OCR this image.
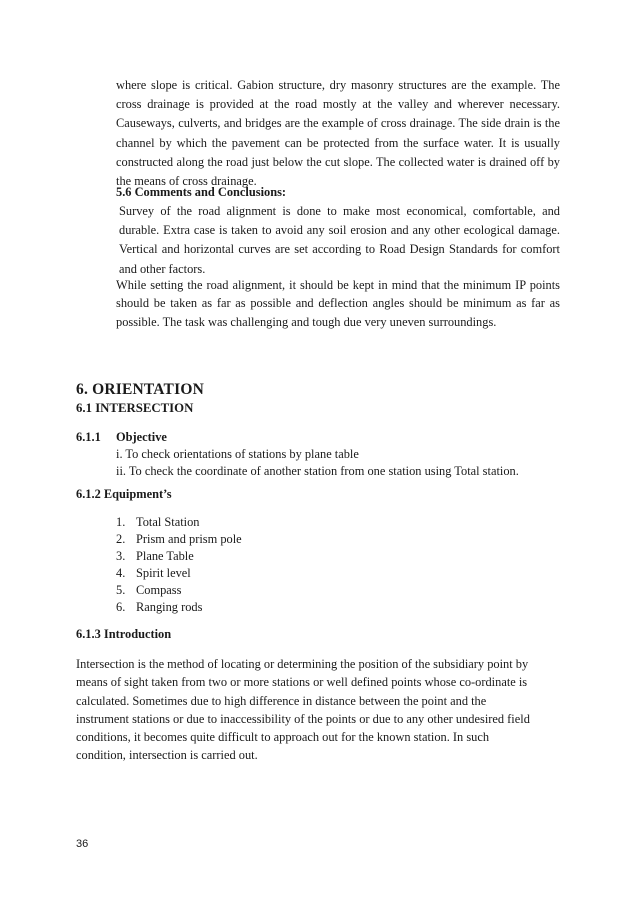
where slope is critical. Gabion structure, dry masonry structures are the example. The cross drainage is provided at the road mostly at the valley and wherever necessary. Causeways, culverts, and bridges are the example of cross drainage. The side drain is the channel by which the pavement can be protected from the surface water. It is usually constructed along the road just below the cut slope. The collected water is drained off by the means of cross drainage.

5.6 Comments and Conclusions:

Survey of the road alignment is done to make most economical, comfortable, and durable. Extra case is taken to avoid any soil erosion and any other ecological damage. Vertical and horizontal curves are set according to Road Design Standards for comfort and other factors.

While setting the road alignment, it should be kept in mind that the minimum IP points should be taken as far as possible and deflection angles should be minimum as far as possible. The task was challenging and tough due very uneven surroundings.

6. ORIENTATION
6.1 INTERSECTION
6.1.1 Objective
i. To check orientations of stations by plane table
ii. To check the coordinate of another station from one station using Total station.
6.1.2 Equipment’s
1. Total Station
2. Prism and prism pole
3. Plane Table
4. Spirit level
5. Compass
6. Ranging rods
6.1.3 Introduction
Intersection is the method of locating or determining the position of the subsidiary point by
means of sight taken from two or more stations or well defined points whose co-ordinate is
calculated. Sometimes due to high difference in distance between the point and the
instrument stations or due to inaccessibility of the points or due to any other undesired field
conditions, it becomes quite difficult to approach out for the known station. In such
condition, intersection is carried out.
36
